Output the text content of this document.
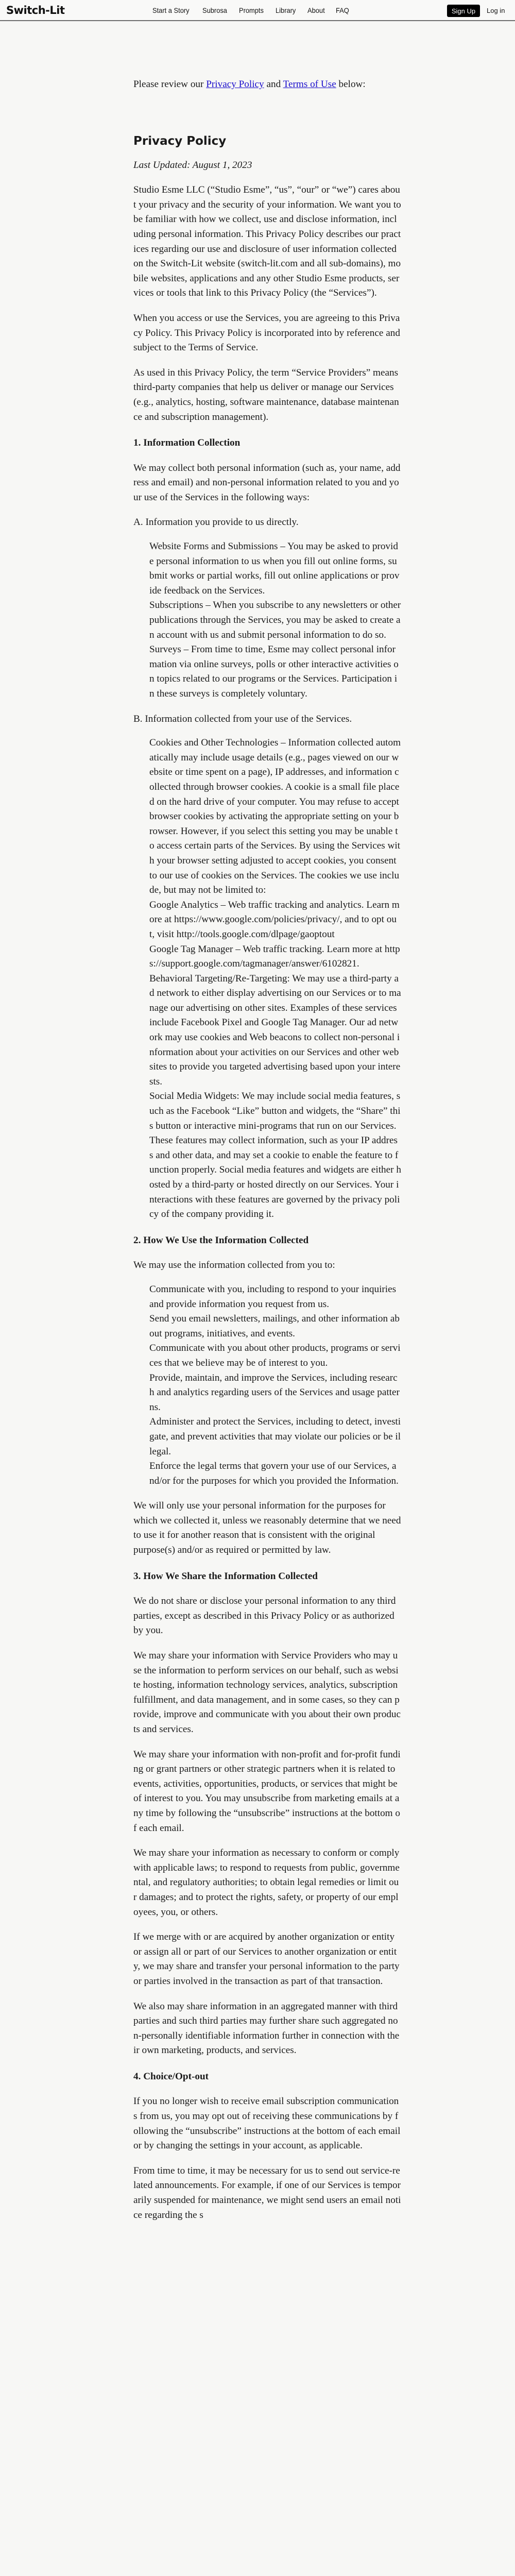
Switch-Lit	Start a Story Subrosa Prompts Library About FAQ	Sign Up	Log in

Please review our Privacy Policy and Terms of Use below:

Privacy Policy
Last Updated: August 1, 2023

Studio Esme LLC (“Studio Esme”, “us”, “our” or “we”) cares about your privacy and the security of your information. We want you to be familiar with how we collect, use and disclose information, including personal information. This Privacy Policy describes our practices regarding our use and disclosure of user information collected on the Switch-Lit website (switch-lit.com and all sub-domains), mobile websites, applications and any other Studio Esme products, services or tools that link to this Privacy Policy (the “Services”).

When you access or use the Services, you are agreeing to this Privacy Policy. This Privacy Policy is incorporated into by reference and subject to the Terms of Service.

As used in this Privacy Policy, the term “Service Providers” means third-party companies that help us deliver or manage our Services (e.g., analytics, hosting, software maintenance, database maintenance and subscription management).

1. Information Collection

We may collect both personal information (such as, your name, address and email) and non-personal information related to you and your use of the Services in the following ways:

A. Information you provide to us directly.
Website Forms and Submissions – You may be asked to provide personal information to us when you fill out online forms, submit works or partial works, fill out online applications or provide feedback on the Services.
Subscriptions – When you subscribe to any newsletters or other publications through the Services, you may be asked to create an account with us and submit personal information to do so.
Surveys – From time to time, Esme may collect personal information via online surveys, polls or other interactive activities on topics related to our programs or the Services. Participation in these surveys is completely voluntary.
B. Information collected from your use of the Services.
Cookies and Other Technologies – Information collected automatically may include usage details (e.g., pages viewed on our website or time spent on a page), IP addresses, and information collected through browser cookies. A cookie is a small file placed on the hard drive of your computer. You may refuse to accept browser cookies by activating the appropriate setting on your browser. However, if you select this setting you may be unable to access certain parts of the Services. By using the Services with your browser setting adjusted to accept cookies, you consent to our use of cookies on the Services. The cookies we use include, but may not be limited to:
Google Analytics – Web traffic tracking and analytics. Learn more at https://www.google.com/policies/privacy/, and to opt out, visit http://tools.google.com/dlpage/gaoptout
Google Tag Manager – Web traffic tracking. Learn more at https://support.google.com/tagmanager/answer/6102821.
Behavioral Targeting/Re-Targeting: We may use a third-party ad network to either display advertising on our Services or to manage our advertising on other sites. Examples of these services include Facebook Pixel and Google Tag Manager. Our ad network may use cookies and Web beacons to collect non-personal information about your activities on our Services and other websites to provide you targeted advertising based upon your interests.
Social Media Widgets: We may include social media features, such as the Facebook “Like” button and widgets, the “Share” this button or interactive mini-programs that run on our Services. These features may collect information, such as your IP address and other data, and may set a cookie to enable the feature to function properly. Social media features and widgets are either hosted by a third-party or hosted directly on our Services. Your interactions with these features are governed by the privacy policy of the company providing it.
2. How We Use the Information Collected

We may use the information collected from you to:

Communicate with you, including to respond to your inquiries and provide information you request from us.
Send you email newsletters, mailings, and other information about programs, initiatives, and events.
Communicate with you about other products, programs or services that we believe may be of interest to you.
Provide, maintain, and improve the Services, including research and analytics regarding users of the Services and usage patterns.
Administer and protect the Services, including to detect, investigate, and prevent activities that may violate our policies or be illegal.
Enforce the legal terms that govern your use of our Services, and/or for the purposes for which you provided the Information.

We will only use your personal information for the purposes for which we collected it, unless we reasonably determine that we need to use it for another reason that is consistent with the original purpose(s) and/or as required or permitted by law.

3. How We Share the Information Collected

We do not share or disclose your personal information to any third parties, except as described in this Privacy Policy or as authorized by you.

We may share your information with Service Providers who may use the information to perform services on our behalf, such as website hosting, information technology services, analytics, subscription fulfillment, and data management, and in some cases, so they can provide, improve and communicate with you about their own products and services.

We may share your information with non-profit and for-profit funding or grant partners or other strategic partners when it is related to events, activities, opportunities, products, or services that might be of interest to you. You may unsubscribe from marketing emails at any time by following the “unsubscribe” instructions at the bottom of each email.

We may share your information as necessary to conform or comply with applicable laws; to respond to requests from public, governmental, and regulatory authorities; to obtain legal remedies or limit our damages; and to protect the rights, safety, or property of our employees, you, or others.

If we merge with or are acquired by another organization or entity or assign all or part of our Services to another organization or entity, we may share and transfer your personal information to the party or parties involved in the transaction as part of that transaction.

We also may share information in an aggregated manner with third parties and such third parties may further share such aggregated non-personally identifiable information further in connection with their own marketing, products, and services.

4. Choice/Opt-out

If you no longer wish to receive email subscription communications from us, you may opt out of receiving these communications by following the “unsubscribe” instructions at the bottom of each email or by changing the settings in your account, as applicable.

From time to time, it may be necessary for us to send out service-related announcements. For example, if one of our Services is temporarily suspended for maintenance, we might send users an email notice regarding the s
